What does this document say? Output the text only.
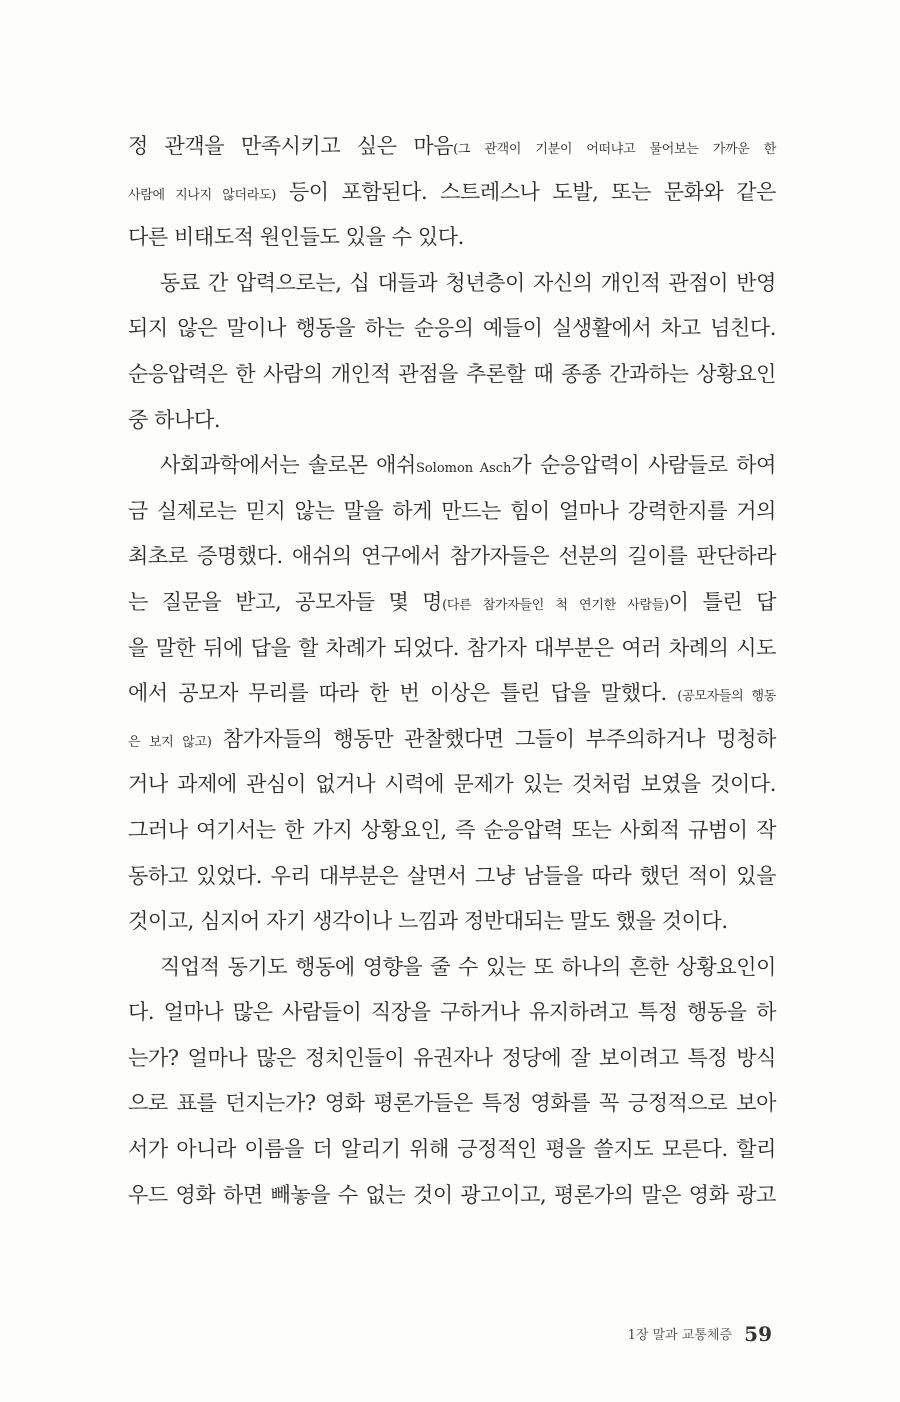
정 관객을 만족시키고 싶은 마음(그 관객이 기분이 어떠냐고 물어보는 가까운 한
사람에 지나지 않더라도) 등이 포함된다. 스트레스나 도발, 또는 문화와 같은
다른 비태도적 원인들도 있을 수 있다.
동료 간 압력으로는, 십 대들과 청년층이 자신의 개인적 관점이 반영
되지 않은 말이나 행동을 하는 순응의 예들이 실생활에서 차고 넘친다.
순응압력은 한 사람의 개인적 관점을 추론할 때 종종 간과하는 상황요인
중 하나다.
사회과학에서는 솔로몬 애쉬Solomon Asch가 순응압력이 사람들로 하여
금 실제로는 믿지 않는 말을 하게 만드는 힘이 얼마나 강력한지를 거의
최초로 증명했다. 애쉬의 연구에서 참가자들은 선분의 길이를 판단하라
는 질문을 받고, 공모자들 몇 명(다른 참가자들인 척 연기한 사람들)이 틀린 답
을 말한 뒤에 답을 할 차례가 되었다. 참가자 대부분은 여러 차례의 시도
에서 공모자 무리를 따라 한 번 이상은 틀린 답을 말했다. (공모자들의 행동
은 보지 않고) 참가자들의 행동만 관찰했다면 그들이 부주의하거나 멍청하
거나 과제에 관심이 없거나 시력에 문제가 있는 것처럼 보였을 것이다.
그러나 여기서는 한 가지 상황요인, 즉 순응압력 또는 사회적 규범이 작
동하고 있었다. 우리 대부분은 살면서 그냥 남들을 따라 했던 적이 있을
것이고, 심지어 자기 생각이나 느낌과 정반대되는 말도 했을 것이다.
직업적 동기도 행동에 영향을 줄 수 있는 또 하나의 흔한 상황요인이
다. 얼마나 많은 사람들이 직장을 구하거나 유지하려고 특정 행동을 하
는가? 얼마나 많은 정치인들이 유권자나 정당에 잘 보이려고 특정 방식
으로 표를 던지는가? 영화 평론가들은 특정 영화를 꼭 긍정적으로 보아
서가 아니라 이름을 더 알리기 위해 긍정적인 평을 쓸지도 모른다. 할리
우드 영화 하면 빼놓을 수 없는 것이 광고이고, 평론가의 말은 영화 광고
1장 말과 교통체증 59
